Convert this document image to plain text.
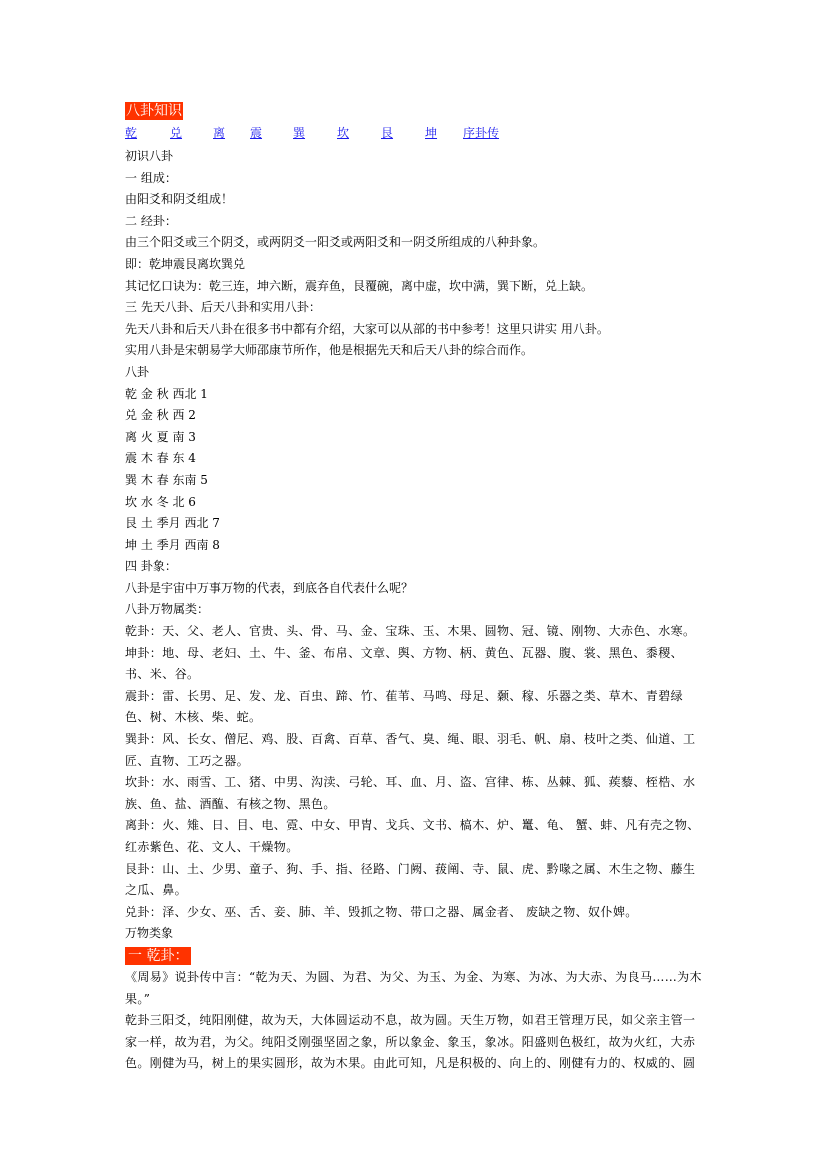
八卦知识
乾	兑	离 震	巽	坎	艮	坤 序卦传
初识八卦
一 组成：
由阳爻和阴爻组成！
二 经卦：
由三个阳爻或三个阴爻，或两阴爻一阳爻或两阳爻和一阴爻所组成的八种卦象。
即：乾坤震艮离坎巽兑
其记忆口诀为：乾三连，坤六断，震弃鱼，艮覆碗，离中虚，坎中满，巽下断，兑上缺。
三 先天八卦、后天八卦和实用八卦：
先天八卦和后天八卦在很多书中都有介绍，大家可以从部的书中参考！这里只讲实 用八卦。
实用八卦是宋朝易学大师邵康节所作，他是根据先天和后天八卦的综合而作。
八卦
乾 金 秋 西北 1
兑 金 秋 西 2
离 火 夏 南 3
震 木 春 东 4
巽 木 春 东南 5
坎 水 冬 北 6
艮 土 季月 西北 7
坤 土 季月 西南 8
四 卦象：
八卦是宇宙中万事万物的代表，到底各自代表什么呢？
八卦万物属类：
乾卦：天、父、老人、官贵、头、骨、马、金、宝珠、玉、木果、圆物、冠、镜、刚物、大赤色、水寒。
坤卦：地、母、老妇、土、牛、釜、布帛、文章、舆、方物、柄、黄色、瓦器、腹、裳、黑色、黍稷、书、米、谷。
震卦：雷、长男、足、发、龙、百虫、蹄、竹、萑苇、马鸣、母足、颡、稼、乐器之类、草木、青碧绿色、树、木核、柴、蛇。
巽卦：风、长女、僧尼、鸡、股、百禽、百草、香气、臭、绳、眼、羽毛、帆、扇、枝叶之类、仙道、工匠、直物、工巧之器。
坎卦：水、雨雪、工、猪、中男、沟渎、弓轮、耳、血、月、盗、宫律、栋、丛棘、狐、蒺藜、桎梏、水族、鱼、盐、酒醢、有核之物、黑色。
离卦：火、雉、日、目、电、霓、中女、甲胄、戈兵、文书、槁木、炉、鼍、龟、 蟹、蚌、凡有壳之物、红赤紫色、花、文人、干燥物。
艮卦：山、土、少男、童子、狗、手、指、径路、门阙、菝阐、寺、鼠、虎、黔喙之属、木生之物、藤生之瓜、鼻。
兑卦：泽、少女、巫、舌、妾、肺、羊、毁抓之物、带口之器、属金者、 废缺之物、奴仆婢。
万物类象
一 乾卦：
《周易》说卦传中言：“乾为天、为圆、为君、为父、为玉、为金、为寒、为冰、为大赤、为良马……为木果。”
乾卦三阳爻，纯阳刚健，故为天，大体圆运动不息，故为圆。天生万物，如君王管理万民，如父亲主管一家一样，故为君，为父。纯阳爻刚强坚固之象，所以象金、象玉，象冰。阳盛则色极红，故为火红，大赤色。刚健为马，树上的果实圆形，故为木果。由此可知，凡是积极的、向上的、刚健有力的、权威的、圆
